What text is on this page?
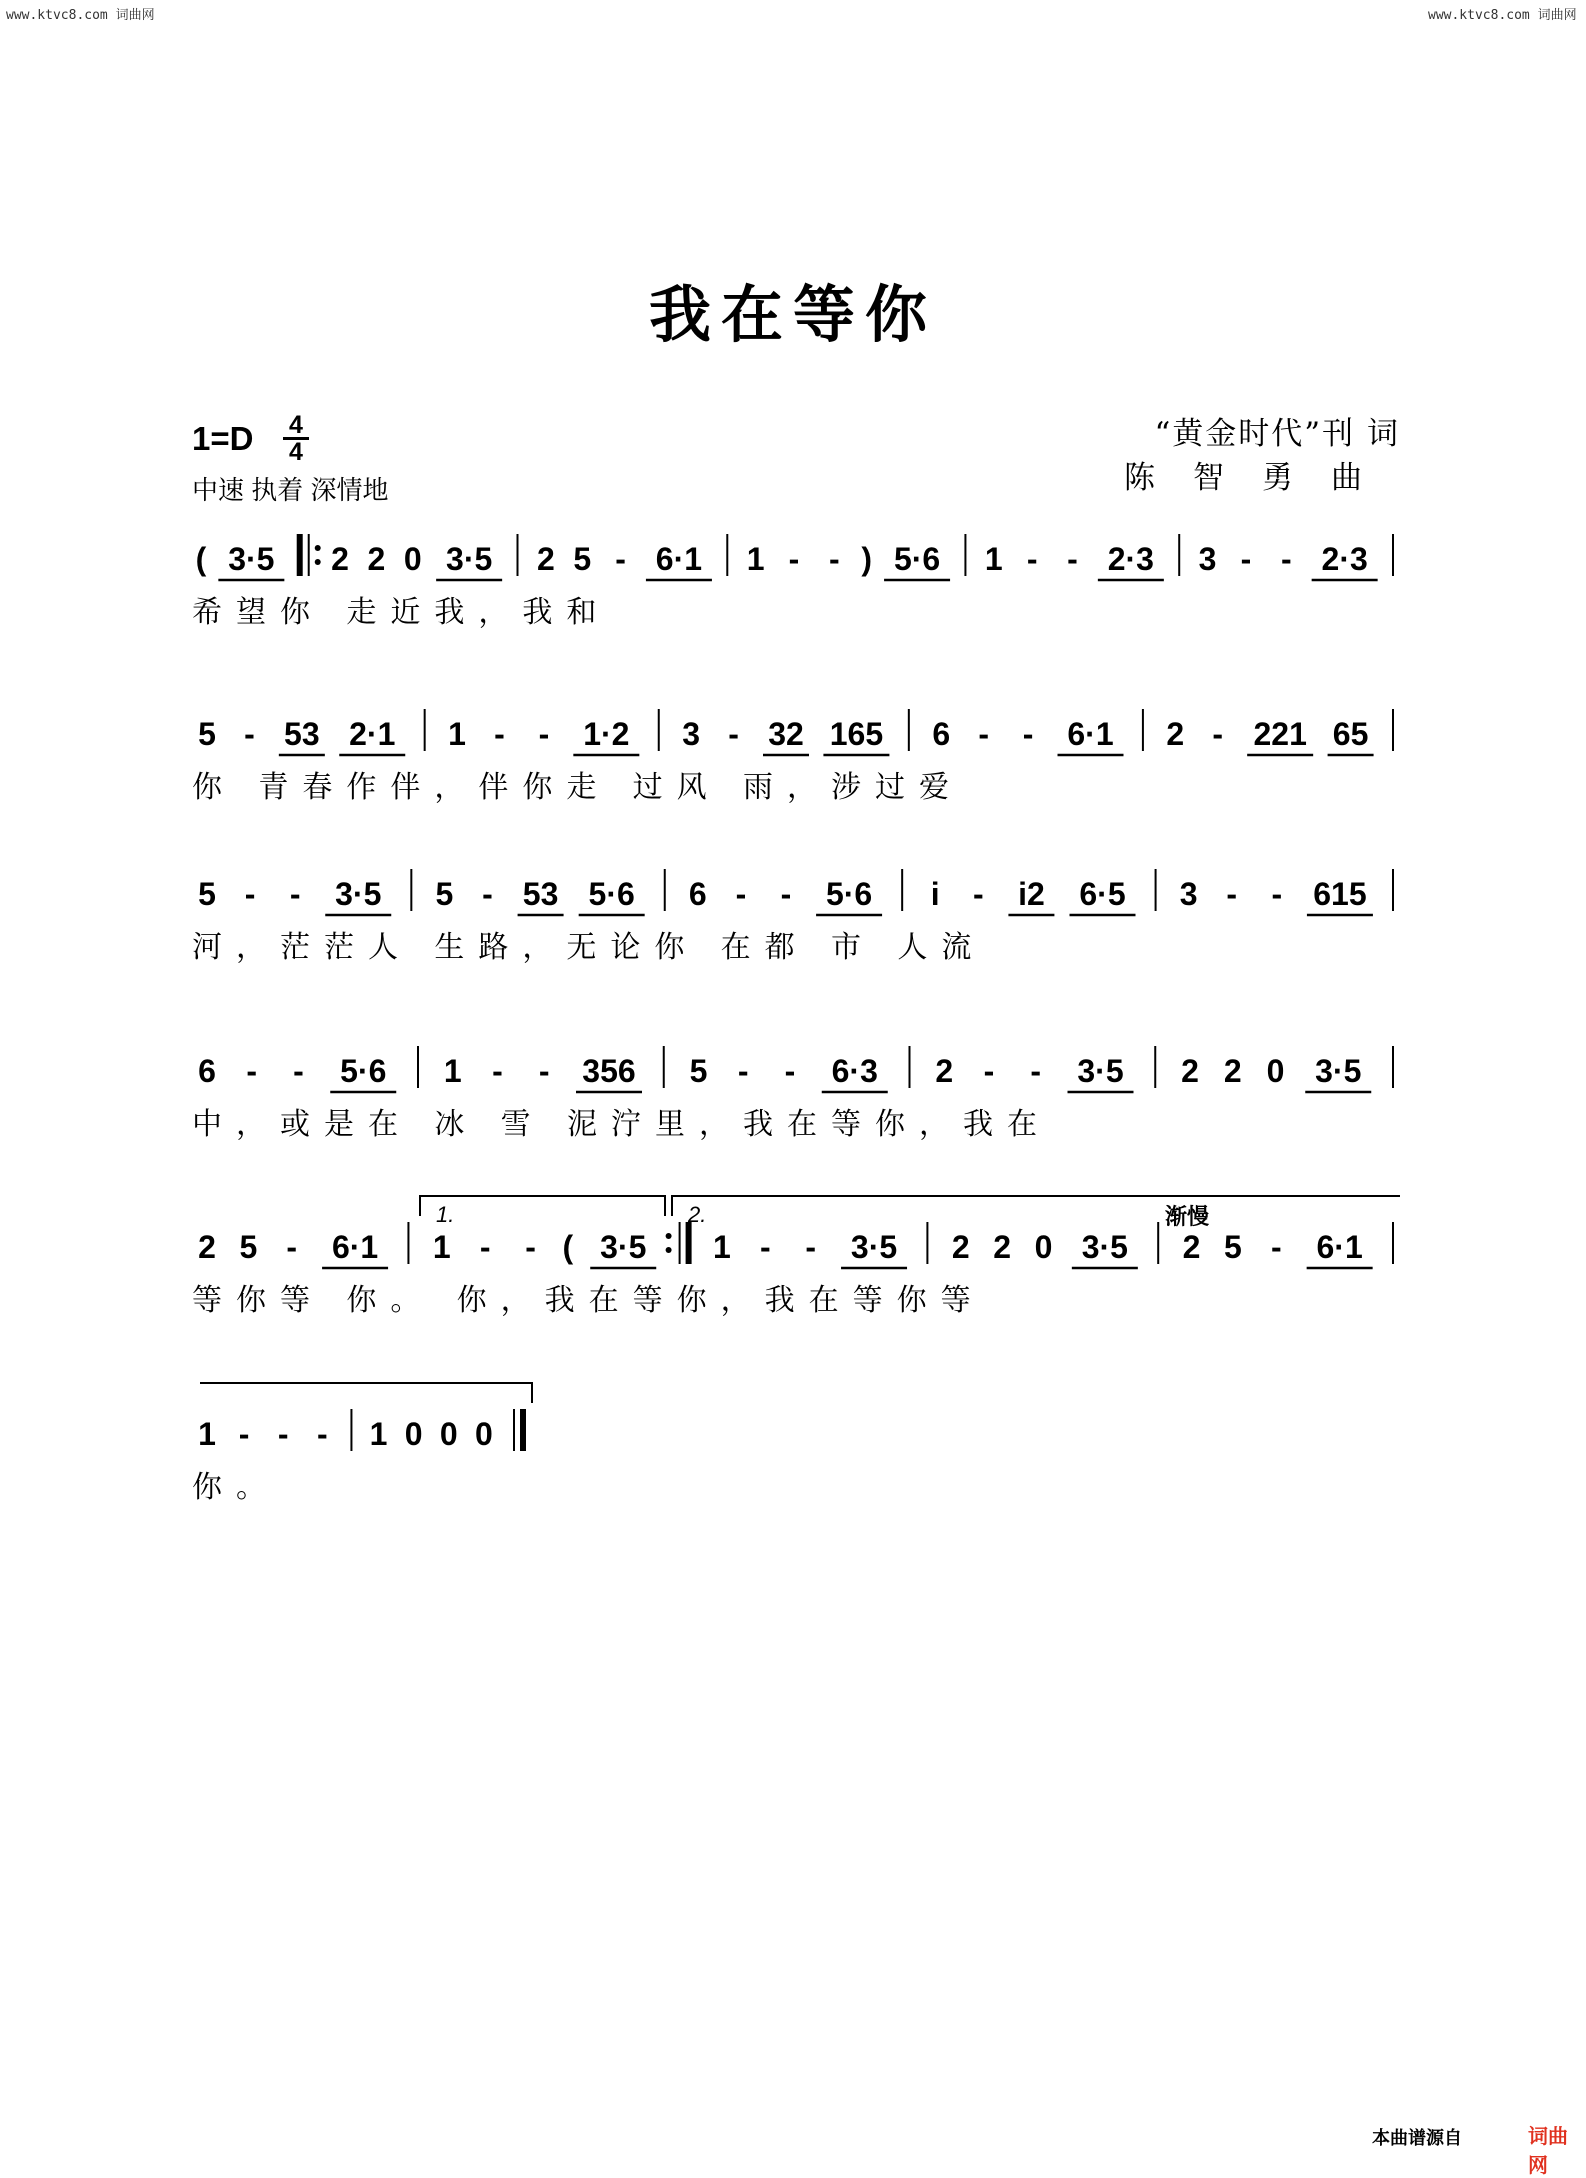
www.ktvc8.com 词曲网	www.ktvc8.com 词曲网
我在等你
1=D 4
4
中速 执着 深情地
“黄金时代”刊 词
陈智勇曲
( 3·5 2 2 0 3·5 2 5 - 6·1 1 - - ) 5·6 1 - - 2·3 3 - - 2·3
希望你 走近我，我和
5 - 53 2·1 1 - - 1·2 3 - 32 165 6 - - 6·1 2 - 221 65
你 青春作伴，伴你走 过风 雨，涉过爱
5 - - 3·5 5 - 53 5·6 6 - - 5·6 i - i2 6·5 3 - - 615
河，茫茫人 生路，无论你 在都 市 人流
6 - - 5·6 1 - - 356 5 - - 6·3 2 - - 3·5 2 2 0 3·5
中，或是在 冰 雪 泥泞里，我在等你，我在
2 5 - 6·1 1 - - ( 3·5 1 - - 3·5 2 2 0 3·5 2 5 - 6·1
等你等 你。 你，我在等你，我在等你等
1 - - - 1 0 0 0
你。
1.	2.	渐慢
本曲谱源自	词曲网
